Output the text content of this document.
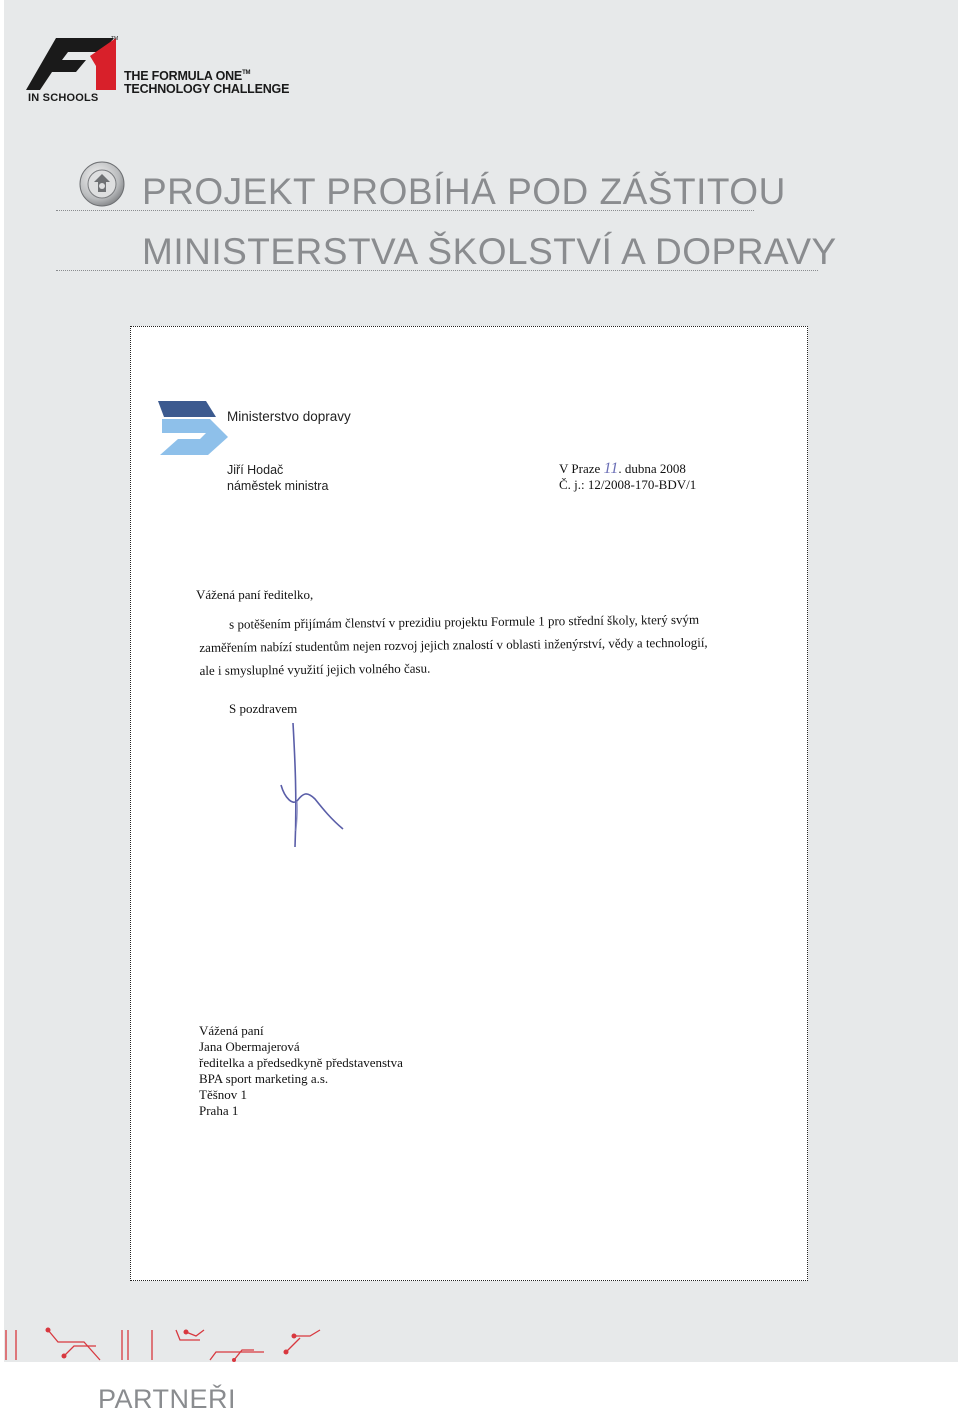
TM
IN SCHOOLS
THE FORMULA ONE™
TECHNOLOGY CHALLENGE
PROJEKT PROBÍHÁ POD ZÁŠTITOU
MINISTERSTVA ŠKOLSTVÍ A DOPRAVY
Ministerstvo dopravy
Jiří Hodač
náměstek ministra
V Praze 11. dubna 2008
Č. j.: 12/2008-170-BDV/1
Vážená paní ředitelko,
s potěšením přijímám členství v prezidiu projektu Formule 1 pro střední školy, který svým
zaměřením nabízí studentům nejen rozvoj jejich znalostí v oblasti inženýrství, vědy a technologií,
ale i smysluplné využití jejich volného času.
S pozdravem
Vážená paní
Jana Obermajerová
ředitelka a předsedkyně představenstva
BPA sport marketing a.s.
Těšnov 1
Praha 1
PARTNEŘI
